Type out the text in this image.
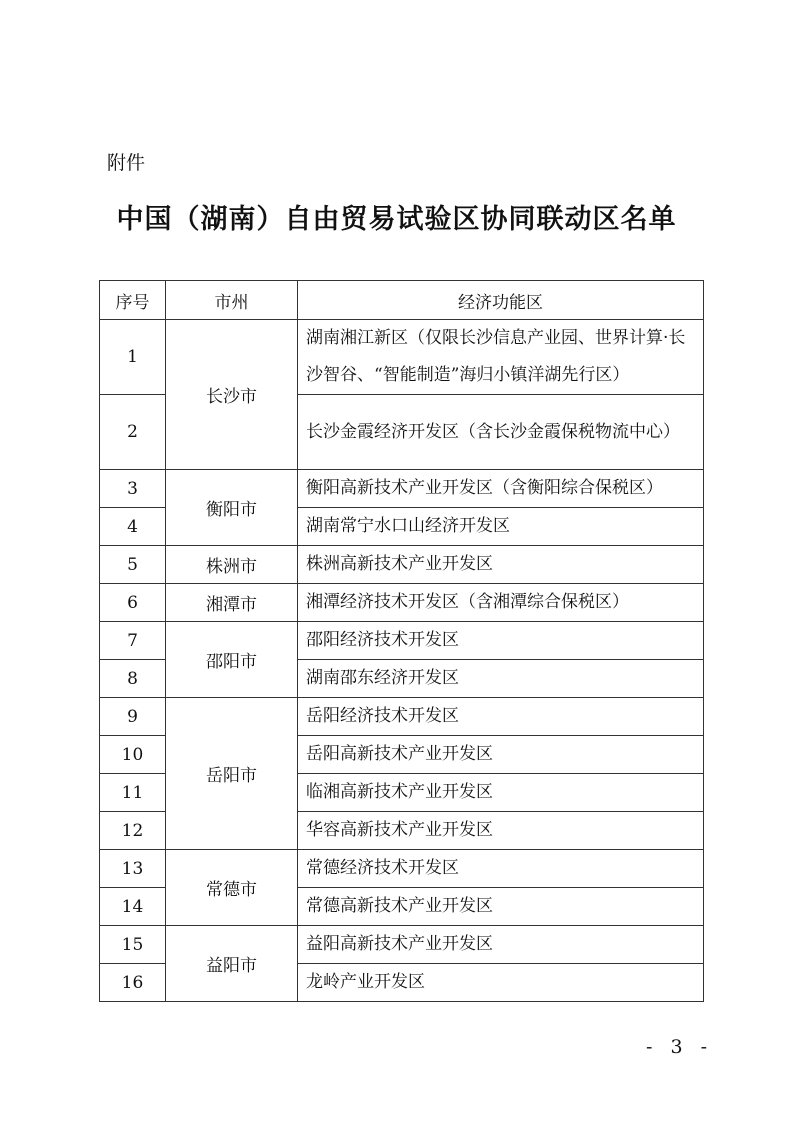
附件
中国（湖南）自由贸易试验区协同联动区名单
序号	市州	经济功能区
1	长沙市	湖南湘江新区（仅限长沙信息产业园、世界计算·长沙智谷、“智能制造”海归小镇洋湖先行区）
2		长沙金霞经济开发区（含长沙金霞保税物流中心）
3	衡阳市	衡阳高新技术产业开发区（含衡阳综合保税区）
4		湖南常宁水口山经济开发区
5	株洲市	株洲高新技术产业开发区
6	湘潭市	湘潭经济技术开发区（含湘潭综合保税区）
7	邵阳市	邵阳经济技术开发区
8		湖南邵东经济开发区
9	岳阳市	岳阳经济技术开发区
10		岳阳高新技术产业开发区
11		临湘高新技术产业开发区
12		华容高新技术产业开发区
13	常德市	常德经济技术开发区
14		常德高新技术产业开发区
15	益阳市	益阳高新技术产业开发区
16		龙岭产业开发区
- 3 -
